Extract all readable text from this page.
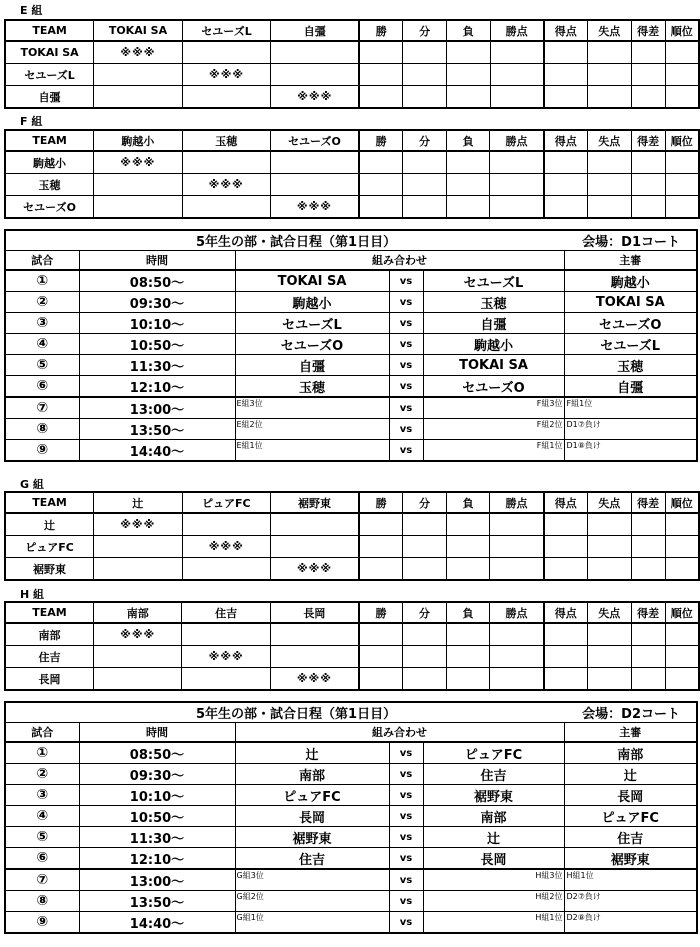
E 組
TEAM	TOKAI SA	セユーズL	自彊	勝	分	負	勝点	得点	失点	得差	順位
TOKAI SA	※※※										
セユーズL		※※※									
自彊			※※※								
F 組
TEAM	駒越小	玉穂	セユーズO	勝	分	負	勝点	得点	失点	得差	順位
駒越小	※※※										
玉穂		※※※									
セユーズO			※※※								
5年生の部・試合日程（第1日目） 会場：D1コート					

試合	時間	組み合わせ			主審
①	08:50〜	TOKAI SA	vs	セユーズL	駒越小
②	09:30〜	駒越小	vs	玉穂	TOKAI SA
③	10:10〜	セユーズL	vs	自彊	セユーズO
④	10:50〜	セユーズO	vs	駒越小	セユーズL
⑤	11:30〜	自彊	vs	TOKAI SA	玉穂
⑥	12:10〜	玉穂	vs	セユーズO	自彊
⑦	13:00〜	E組3位	vs	F組3位	F組1位
⑧	13:50〜	E組2位	vs	F組2位	D1⑦負け
⑨	14:40〜	E組1位	vs	F組1位	D1⑧負け
G 組
TEAM	辻	ピュアFC	裾野東	勝	分	負	勝点	得点	失点	得差	順位
辻	※※※										
ピュアFC		※※※									
裾野東			※※※								
H 組
TEAM	南部	住吉	長岡	勝	分	負	勝点	得点	失点	得差	順位
南部	※※※										
住吉		※※※									
長岡			※※※								
5年生の部・試合日程（第1日目） 会場：D2コート					

試合	時間	組み合わせ			主審
①	08:50〜	辻	vs	ピュアFC	南部
②	09:30〜	南部	vs	住吉	辻
③	10:10〜	ピュアFC	vs	裾野東	長岡
④	10:50〜	長岡	vs	南部	ピュアFC
⑤	11:30〜	裾野東	vs	辻	住吉
⑥	12:10〜	住吉	vs	長岡	裾野東
⑦	13:00〜	G組3位	vs	H組3位	H組1位
⑧	13:50〜	G組2位	vs	H組2位	D2⑦負け
⑨	14:40〜	G組1位	vs	H組1位	D2⑧負け
